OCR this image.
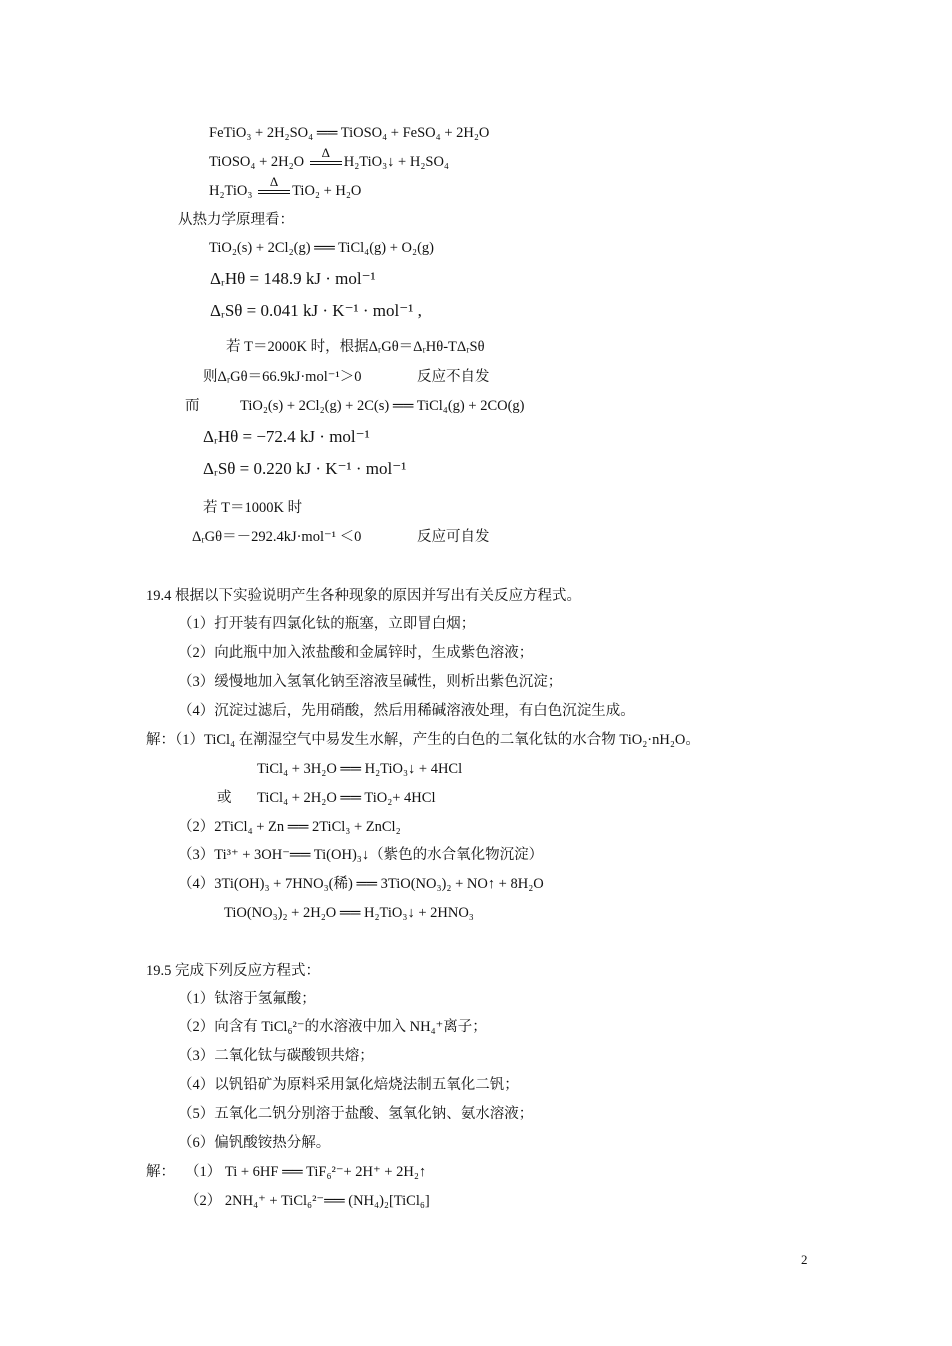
FeTiO₃ + 2H₂SO₄ ══ TiOSO₄ + FeSO₄ + 2H₂O
TiOSO₄ + 2H₂O
Δ
H₂TiO₃↓ + H₂SO₄
H₂TiO₃
Δ
TiO₂ + H₂O
从热力学原理看：
TiO₂(s) + 2Cl₂(g) ══ TiCl₄(g) + O₂(g)
ΔᵣHθ = 148.9 kJ · mol⁻¹
ΔᵣSθ = 0.041 kJ · K⁻¹ · mol⁻¹ ,
若 T＝2000K 时，根据ΔᵣGθ＝ΔᵣHθ-TΔᵣSθ
则ΔᵣGθ＝66.9kJ·mol⁻¹＞0	反应不自发
而	TiO₂(s) + 2Cl₂(g) + 2C(s) ══ TiCl₄(g) + 2CO(g)
ΔᵣHθ = −72.4 kJ · mol⁻¹
ΔᵣSθ = 0.220 kJ · K⁻¹ · mol⁻¹
若 T＝1000K 时
ΔᵣGθ＝－292.4kJ·mol⁻¹ ＜0	反应可自发
19.4 根据以下实验说明产生各种现象的原因并写出有关反应方程式。
（1）打开装有四氯化钛的瓶塞，立即冒白烟；
（2）向此瓶中加入浓盐酸和金属锌时，生成紫色溶液；
（3）缓慢地加入氢氧化钠至溶液呈碱性，则析出紫色沉淀；
（4）沉淀过滤后，先用硝酸，然后用稀碱溶液处理，有白色沉淀生成。
解：（1）TiCl₄ 在潮湿空气中易发生水解，产生的白色的二氧化钛的水合物 TiO₂·nH₂O。
TiCl₄ + 3H₂O ══ H₂TiO₃↓ + 4HCl
或 TiCl₄ + 2H₂O ══ TiO₂+ 4HCl
（2）2TiCl₄ + Zn ══ 2TiCl₃ + ZnCl₂
（3）Ti³⁺ + 3OH⁻══ Ti(OH)₃↓（紫色的水合氧化物沉淀）
（4）3Ti(OH)₃ + 7HNO₃(稀) ══ 3TiO(NO₃)₂ + NO↑ + 8H₂O
TiO(NO₃)₂ + 2H₂O ══ H₂TiO₃↓ + 2HNO₃
19.5 完成下列反应方程式：
（1）钛溶于氢氟酸；
（2）向含有 TiCl₆²⁻的水溶液中加入 NH₄⁺离子；
（3）二氧化钛与碳酸钡共熔；
（4）以钒铅矿为原料采用氯化焙烧法制五氧化二钒；
（5）五氧化二钒分别溶于盐酸、氢氧化钠、氨水溶液；
（6）偏钒酸铵热分解。
解： （1） Ti + 6HF ══ TiF₆²⁻+ 2H⁺ + 2H₂↑
（2） 2NH₄⁺ + TiCl₆²⁻══ (NH₄)₂[TiCl₆]
2
